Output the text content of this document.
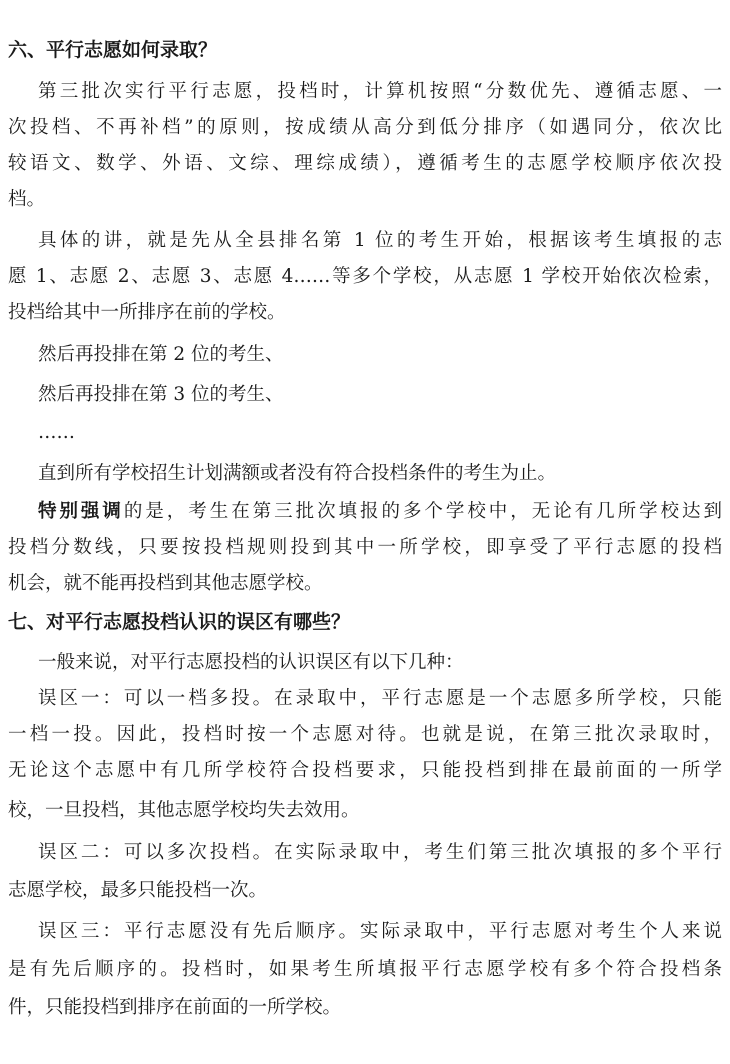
六、平行志愿如何录取？
第三批次实行平行志愿，投档时，计算机按照“分数优先、遵循志愿、一
次投档、不再补档”的原则，按成绩从高分到低分排序（如遇同分，依次比
较语文、数学、外语、文综、理综成绩），遵循考生的志愿学校顺序依次投
档。
具体的讲，就是先从全县排名第 1 位的考生开始，根据该考生填报的志
愿 1、志愿 2、志愿 3、志愿 4……等多个学校，从志愿 1 学校开始依次检索，
投档给其中一所排序在前的学校。
然后再投排在第 2 位的考生、
然后再投排在第 3 位的考生、
……
直到所有学校招生计划满额或者没有符合投档条件的考生为止。
特别强调的是，考生在第三批次填报的多个学校中，无论有几所学校达到
投档分数线，只要按投档规则投到其中一所学校，即享受了平行志愿的投档
机会，就不能再投档到其他志愿学校。
七、对平行志愿投档认识的误区有哪些？
一般来说，对平行志愿投档的认识误区有以下几种：
误区一：可以一档多投。在录取中，平行志愿是一个志愿多所学校，只能
一档一投。因此，投档时按一个志愿对待。也就是说，在第三批次录取时，
无论这个志愿中有几所学校符合投档要求，只能投档到排在最前面的一所学
校，一旦投档，其他志愿学校均失去效用。
误区二：可以多次投档。在实际录取中，考生们第三批次填报的多个平行
志愿学校，最多只能投档一次。
误区三：平行志愿没有先后顺序。实际录取中，平行志愿对考生个人来说
是有先后顺序的。投档时，如果考生所填报平行志愿学校有多个符合投档条
件，只能投档到排序在前面的一所学校。
